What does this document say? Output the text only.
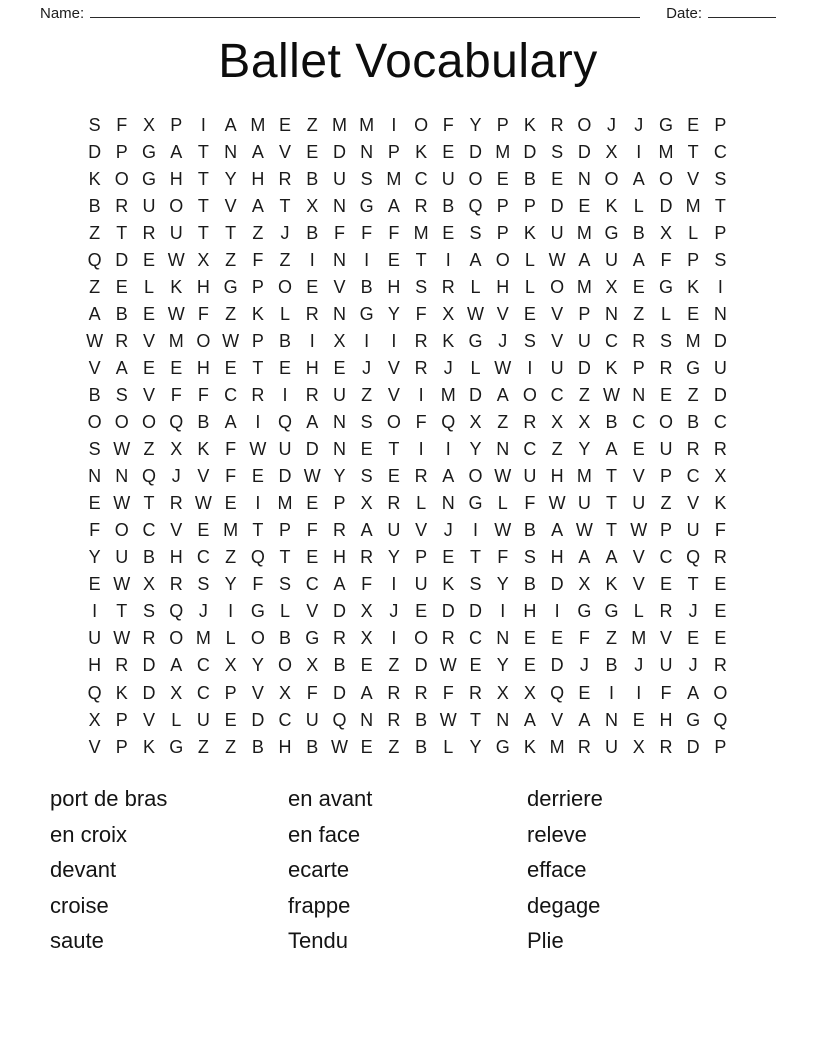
Name:	Date:
Ballet Vocabulary
S F X P	I	A M E Z M M I O F Y P K R O J	J G E P
D P G A T N A V E D N P K E D M D S D X	I M T C
K O G H T Y H R B U S M C U O E B E N O A O V S
B R U O T V A T X N G A R B Q P P D E K L D M T
Z T R U T T Z J B F F F M E S P K U M G B X L P
Q D E W X Z F Z	I	N	I	E T	I	A O L W A U A F P S
Z E L K H G P O E V B H S R L H L O M X E G K	I
A B E W F Z K L R N G Y F X W V E V P N Z L E N
W R V M O W P B	I	X	I	I	R K G J S V U C R S M D
V A E E H E T E H E J V R J L W I	U D K P R G U
B S V F F C R	I	R U Z V	I M D A O C Z W N E Z D
O O O Q B A	I Q A N S O F Q X Z R X X B C O B C
S W Z X K F W U D N E T	I	I	Y N C Z Y A E U R R
N N Q J V F E D W Y S E R A O W U H M T V P C X
E W T R W E	I M E P X R L N G L F W U T U Z V K
F O C V E M T P F R A U V J	I W B A W T W P U F
Y U B H C Z Q T E H R Y P E T F S H A A V C Q R
E W X R S Y F S C A F	I	U K S Y B D X K V E T E
I	T S Q J	I G L V D X J E D D	I	H	I G G L R J E
U W R O M L O B G R X	I O R C N E E F Z M V E E
H R D A C X Y O X B E Z D W E Y E D J B J U J R
Q K D X C P V X F D A R R F R X X Q E	I	I	F A O
X P V L U E D C U Q N R B W T N A V A N E H G Q
V P K G Z Z B H B W E Z B L Y G K M R U X R D P
port de bras
en croix
devant
croise
saute
en avant
en face
ecarte
frappe
Tendu
derriere
releve
efface
degage
Plie
